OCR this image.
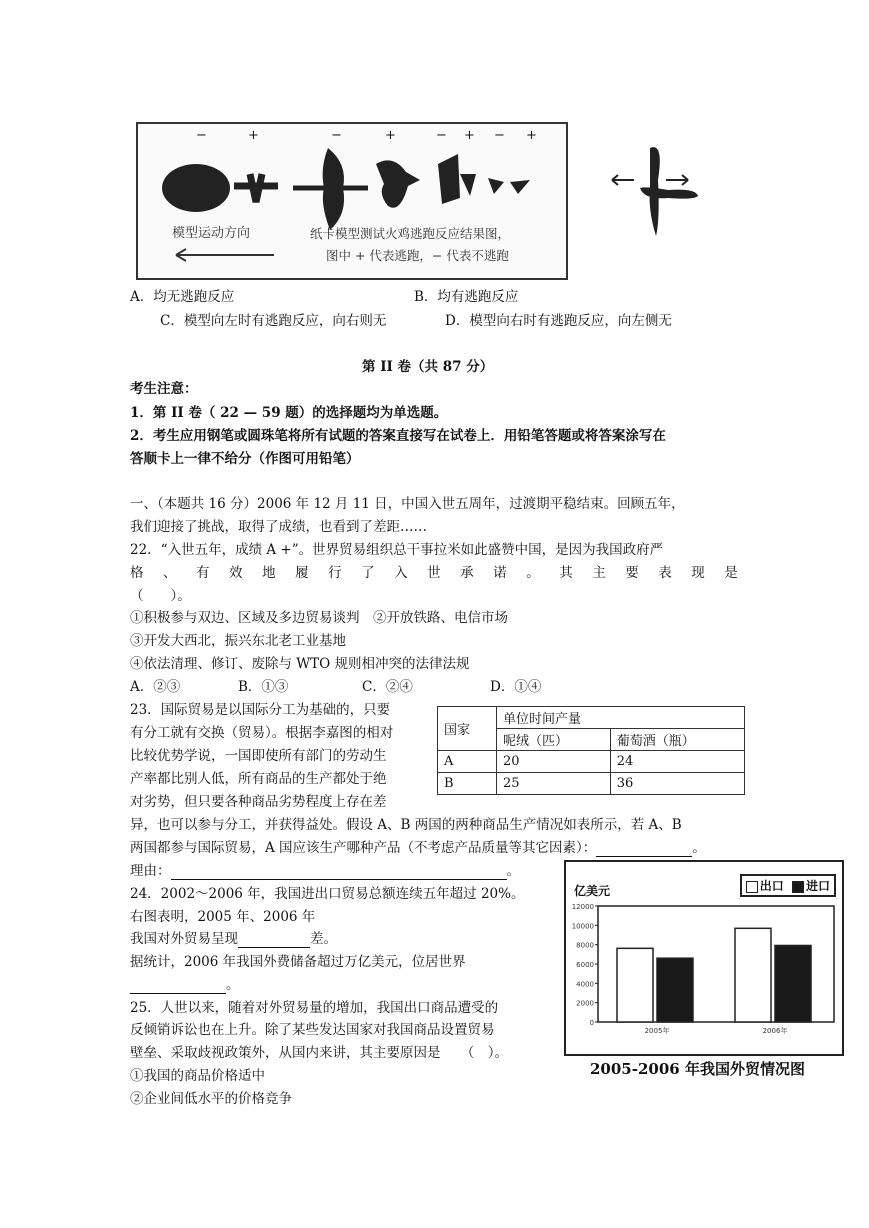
−	+	−	+	− + − +
纸卡模型测试火鸡逃跑反应结果图，
图中 + 代表逃跑，− 代表不逃跑
模型运动方向
A．均无逃跑反应	B．均有逃跑反应
C．模型向左时有逃跑反应，向右则无	D．模型向右时有逃跑反应，向左侧无
第 II 卷（共 87 分）
考生注意：
1．第 II 卷（ 22 — 59 题）的选择题均为单选题。
2．考生应用钢笔或圆珠笔将所有试题的答案直接写在试卷上．用铅笔答题或将答案涂写在
答顺卡上一律不给分（作图可用铅笔）
一、（本题共 16 分）2006 年 12 月 11 日，中国入世五周年，过渡期平稳结束。回顾五年，
我们迎接了挑战，取得了成绩，也看到了差距……
22．“入世五年，成绩 A +”。世界贸易组织总干事拉米如此盛赞中国，是因为我国政府严
格 、 有 效 地 履 行 了 入 世 承 诺 。 其 主 要 表 现 是
（　　）。
①积极参与双边、区域及多边贸易谈判　②开放铁路、电信市场
③开发大西北，振兴东北老工业基地
④依法清理、修订、废除与 WTO 规则相冲突的法律法规
A．②③	B．①③	C．②④	D．①④
23．国际贸易是以国际分工为基础的，只要
有分工就有交换（贸易）。根据李嘉图的相对
比较优势学说，一国即使所有部门的劳动生
产率都比别人低，所有商品的生产都处于绝
对劣势，但只要各种商品劣势程度上存在差
异，也可以参与分工，并获得益处。假设 A、B 两国的两种商品生产情况如表所示，若 A、B
两国都参与国际贸易，A 国应该生产哪种产品（不考虑产品质量等其它因素）：	。
理由：	。
国家	单位时间产量	
	呢绒（匹）	葡萄酒（瓶）
A	20	24
B	25	36
24．2002～2006 年，我国进出口贸易总额连续五年超过 20%。
右图表明，2005 年、2006 年
我国对外贸易呈现	差。
据统计，2006 年我国外费储备超过万亿美元，位居世界
。
25．人世以来，随着对外贸易量的增加，我国出口商品遭受的
反倾销诉讼也在上升。除了某些发达国家对我国商品设置贸易
壁垒、采取歧视政策外，从国内来讲，其主要原因是　　（　）。
①我国的商品价格适中
②企业间低水平的价格竞争
亿美元	出口 进口
12000
10000
8000
6000
4000
2000
0
2005年	2006年
2005-2006 年我国外贸情况图
